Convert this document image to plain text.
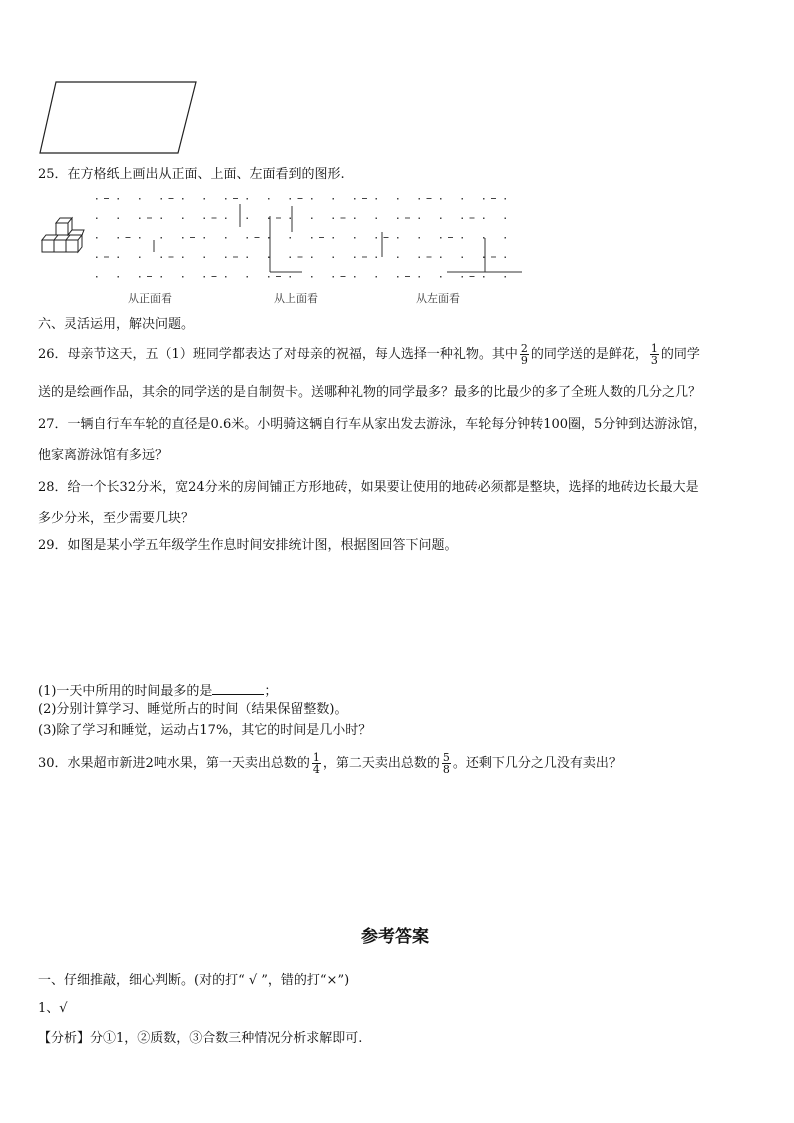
25．在方格纸上画出从正面、上面、左面看到的图形.
从正面看	从上面看	从左面看
六、灵活运用，解决问题。
26．母亲节这天，五（1）班同学都表达了对母亲的祝福，每人选择一种礼物。其中 $\frac{2}{9}$ 的同学送的是鲜花， $\frac{1}{3}$ 的同学
送的是绘画作品，其余的同学送的是自制贺卡。送哪种礼物的同学最多？最多的比最少的多了全班人数的几分之几？
27．一辆自行车车轮的直径是0.6米。小明骑这辆自行车从家出发去游泳，车轮每分钟转100圈，5分钟到达游泳馆，
他家离游泳馆有多远？
28．给一个长32分米，宽24分米的房间铺正方形地砖，如果要让使用的地砖必须都是整块，选择的地砖边长最大是
多少分米，至少需要几块？
29．如图是某小学五年级学生作息时间安排统计图，根据图回答下问题。
(1)一天中所用的时间最多的是	；
(2)分别计算学习、睡觉所占的时间（结果保留整数)。
(3)除了学习和睡觉，运动占17%，其它的时间是几小时？
30．水果超市新进2吨水果，第一天卖出总数的 $\frac{1}{4}$ ，第二天卖出总数的 $\frac{5}{8}$ 。还剩下几分之几没有卖出？
参考答案
一、仔细推敲，细心判断。(对的打“ √ ”，错的打“×”)
1、√
【分析】分①1，②质数，③合数三种情况分析求解即可.
